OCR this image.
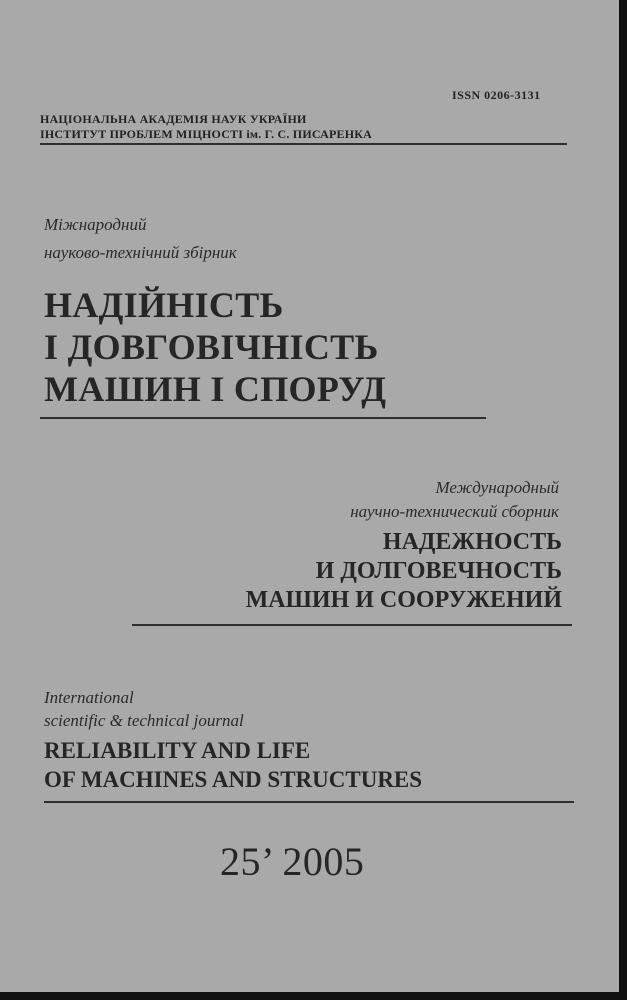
ISSN 0206-3131

НАЦІОНАЛЬНА АКАДЕМІЯ НАУК УКРАЇНИ

ІНСТИТУТ ПРОБЛЕМ МІЦНОСТІ ім. Г. С. ПИСАРЕНКА

Міжнародний

науково-технічний збірник

НАДІЙНІСТЬ

І ДОВГОВІЧНІСТЬ

МАШИН І СПОРУД

Международный

научно-технический сборник

НАДЕЖНОСТЬ

И ДОЛГОВЕЧНОСТЬ

МАШИН И СООРУЖЕНИЙ

International

scientific & technical journal

RELIABILITY AND LIFE

OF MACHINES AND STRUCTURES

25’ 2005
